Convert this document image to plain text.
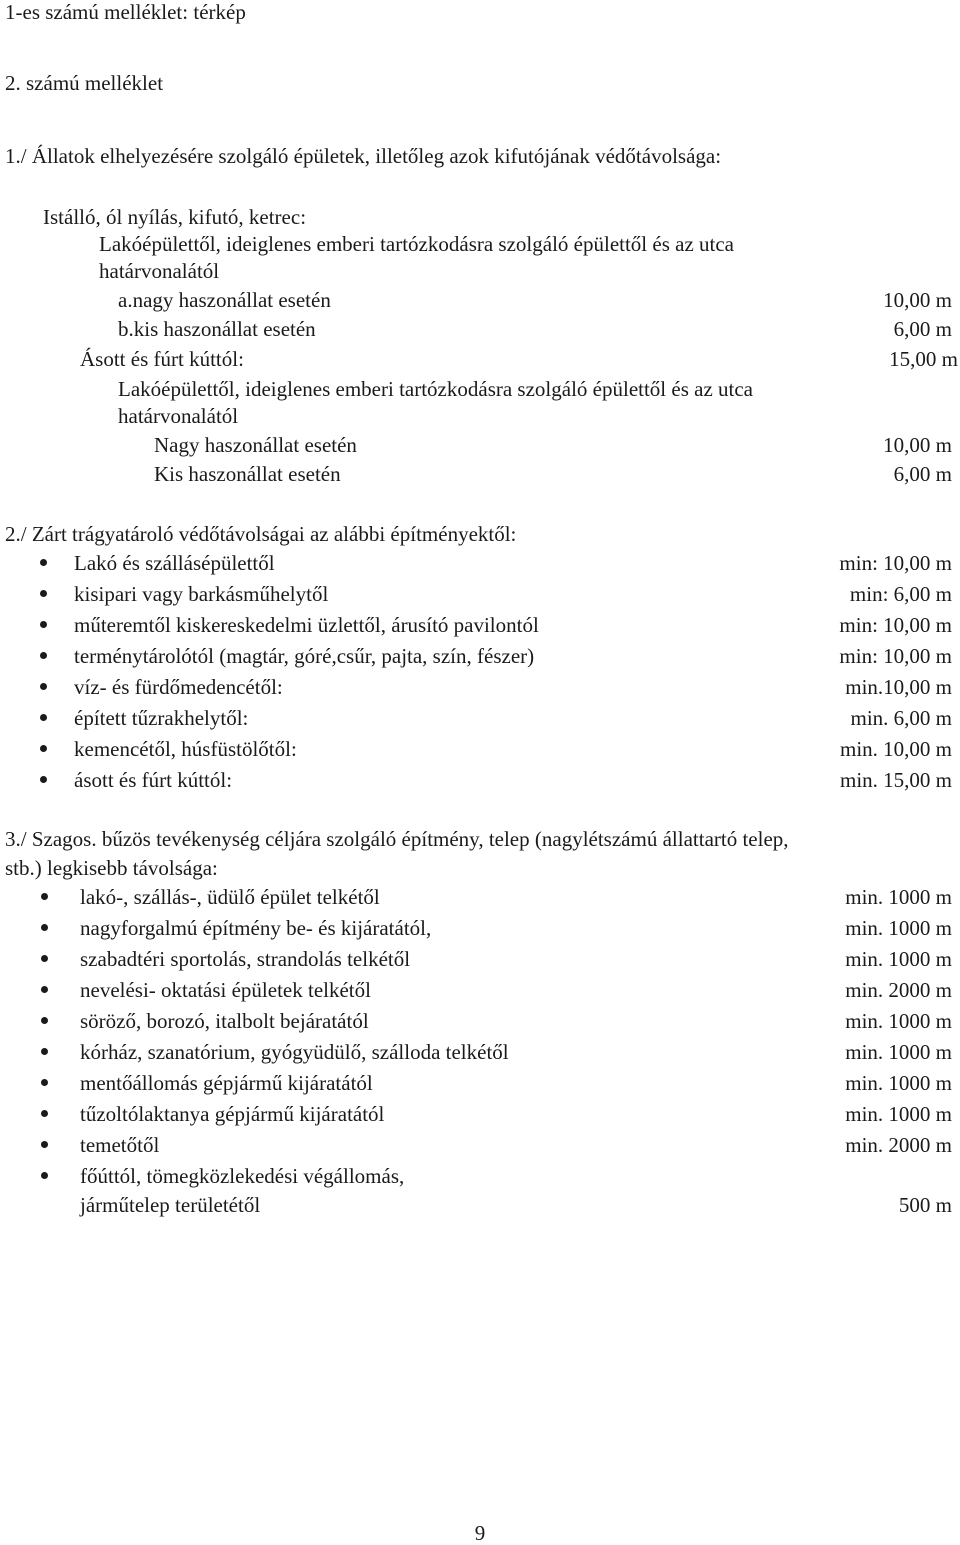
1-es számú melléklet: térkép
2. számú melléklet
1./ Állatok elhelyezésére szolgáló épületek, illetőleg azok kifutójának védőtávolsága:
Istálló, ól nyílás, kifutó, ketrec:
Lakóépülettől, ideiglenes emberi tartózkodásra szolgáló épülettől és az utca
határvonalától
a.nagy haszonállat esetén	10,00 m
b.kis haszonállat esetén	6,00 m
Ásott és fúrt kúttól:	15,00 m
Lakóépülettől, ideiglenes emberi tartózkodásra szolgáló épülettől és az utca
határvonalától
Nagy haszonállat esetén	10,00 m
Kis haszonállat esetén	6,00 m
2./ Zárt trágyatároló védőtávolságai az alábbi építményektől:
Lakó és szállásépülettől	min: 10,00 m
kisipari vagy barkásműhelytől	min: 6,00 m
műteremtől kiskereskedelmi üzlettől, árusító pavilontól	min: 10,00 m
terménytárolótól (magtár, góré,csűr, pajta, szín, fészer)	min: 10,00 m
víz- és fürdőmedencétől:	min.10,00 m
épített tűzrakhelytől:	min. 6,00 m
kemencétől, húsfüstölőtől:	min. 10,00 m
ásott és fúrt kúttól:	min. 15,00 m
3./ Szagos. bűzös tevékenység céljára szolgáló építmény, telep (nagylétszámú állattartó telep,
stb.) legkisebb távolsága:
lakó-, szállás-, üdülő épület telkétől	min. 1000 m
nagyforgalmú építmény be- és kijáratától,	min. 1000 m
szabadtéri sportolás, strandolás telkétől	min. 1000 m
nevelési- oktatási épületek telkétől	min. 2000 m
söröző, borozó, italbolt bejáratától	min. 1000 m
kórház, szanatórium, gyógyüdülő, szálloda telkétől	min. 1000 m
mentőállomás gépjármű kijáratától	min. 1000 m
tűzoltólaktanya gépjármű kijáratától	min. 1000 m
temetőtől	min. 2000 m
főúttól, tömegközlekedési végállomás,
járműtelep területétől	500 m
9
